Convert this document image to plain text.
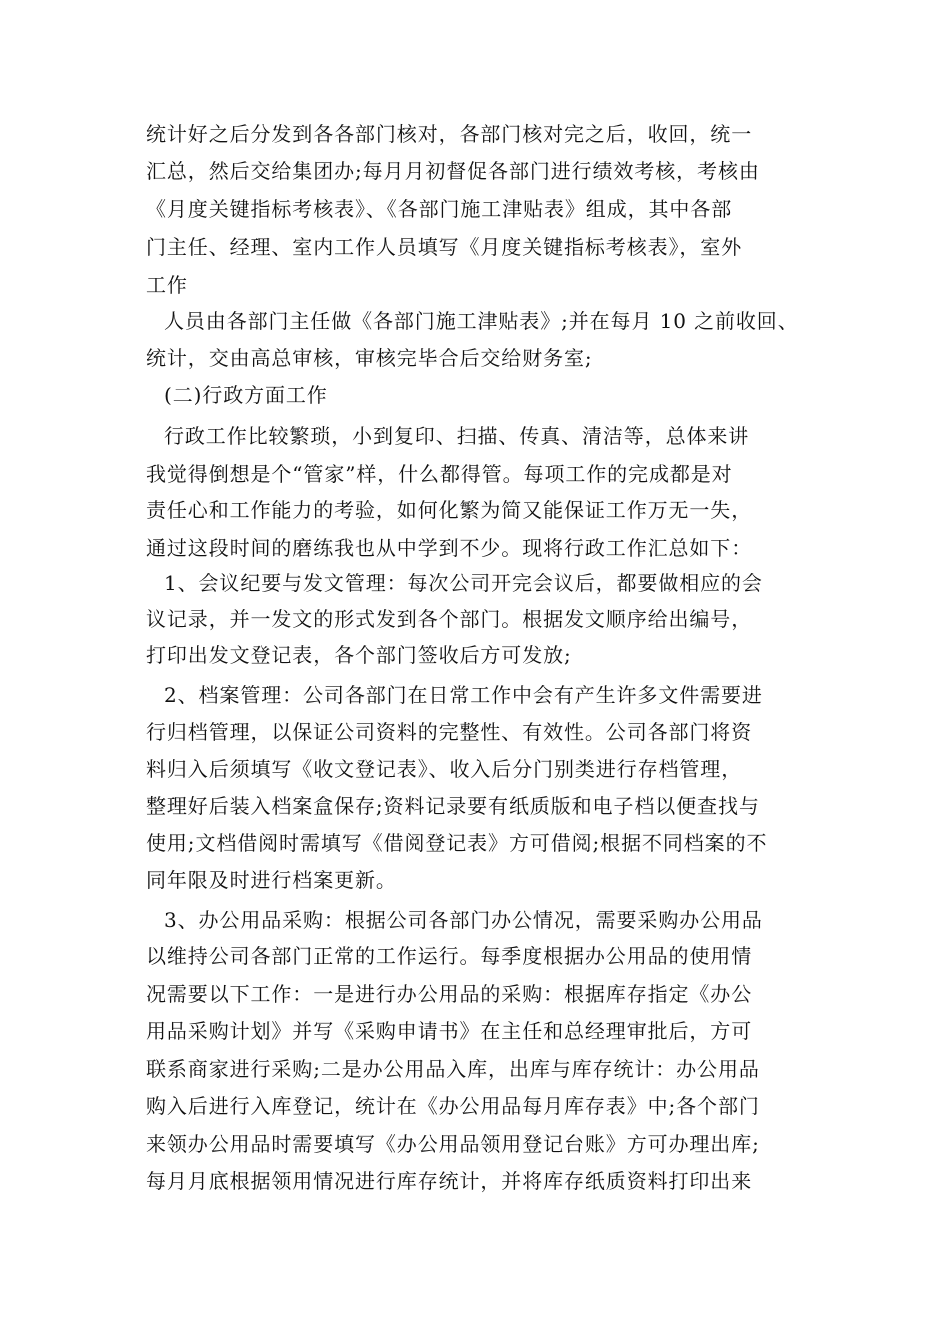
统计好之后分发到各各部门核对，各部门核对完之后，收回，统一
汇总，然后交给集团办;每月月初督促各部门进行绩效考核，考核由
《月度关键指标考核表》、《各部门施工津贴表》组成，其中各部
门主任、经理、室内工作人员填写《月度关键指标考核表》，室外
工作
人员由各部门主任做《各部门施工津贴表》;并在每月 10 之前收回、
统计，交由高总审核，审核完毕合后交给财务室;
(二)行政方面工作
行政工作比较繁琐，小到复印、扫描、传真、清洁等，总体来讲
我觉得倒想是个“管家”样，什么都得管。每项工作的完成都是对
责任心和工作能力的考验，如何化繁为简又能保证工作万无一失，
通过这段时间的磨练我也从中学到不少。现将行政工作汇总如下：
1、会议纪要与发文管理：每次公司开完会议后，都要做相应的会
议记录，并一发文的形式发到各个部门。根据发文顺序给出编号，
打印出发文登记表，各个部门签收后方可发放;
2、档案管理：公司各部门在日常工作中会有产生许多文件需要进
行归档管理，以保证公司资料的完整性、有效性。公司各部门将资
料归入后须填写《收文登记表》、收入后分门别类进行存档管理，
整理好后装入档案盒保存;资料记录要有纸质版和电子档以便查找与
使用;文档借阅时需填写《借阅登记表》方可借阅;根据不同档案的不
同年限及时进行档案更新。
3、办公用品采购：根据公司各部门办公情况，需要采购办公用品
以维持公司各部门正常的工作运行。每季度根据办公用品的使用情
况需要以下工作：一是进行办公用品的采购：根据库存指定《办公
用品采购计划》并写《采购申请书》在主任和总经理审批后，方可
联系商家进行采购;二是办公用品入库，出库与库存统计：办公用品
购入后进行入库登记，统计在《办公用品每月库存表》中;各个部门
来领办公用品时需要填写《办公用品领用登记台账》方可办理出库;
每月月底根据领用情况进行库存统计，并将库存纸质资料打印出来
